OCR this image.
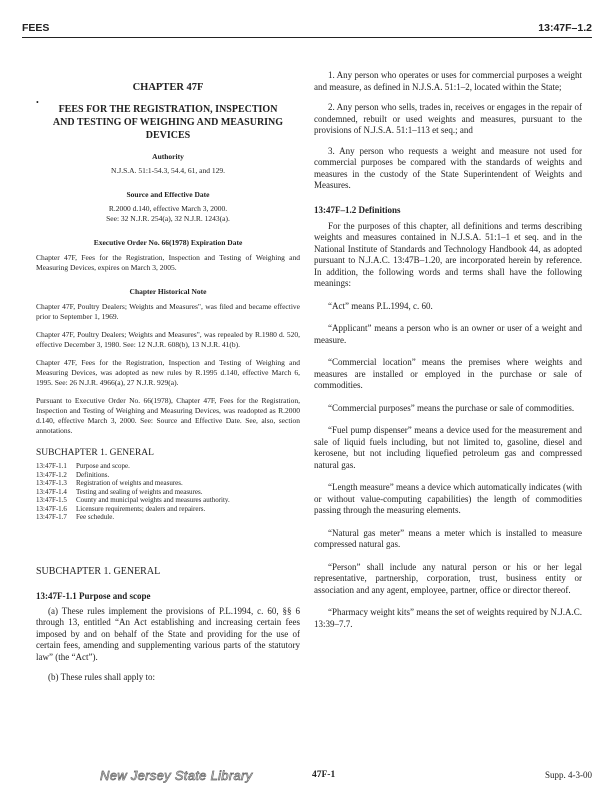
FEES	13:47F–1.2
•
CHAPTER 47F
FEES FOR THE REGISTRATION, INSPECTION AND TESTING OF WEIGHING AND MEASURING DEVICES
Authority
N.J.S.A. 51:1-54.3, 54.4, 61, and 129.
Source and Effective Date
R.2000 d.140, effective March 3, 2000.
See: 32 N.J.R. 254(a), 32 N.J.R. 1243(a).
Executive Order No. 66(1978) Expiration Date
Chapter 47F, Fees for the Registration, Inspection and Testing of Weighing and Measuring Devices, expires on March 3, 2005.
Chapter Historical Note
Chapter 47F, Poultry Dealers; Weights and Measures", was filed and became effective prior to September 1, 1969.
Chapter 47F, Poultry Dealers; Weights and Measures", was repealed by R.1980 d. 520, effective December 3, 1980. See: 12 N.J.R. 608(b), 13 N.J.R. 41(b).
Chapter 47F, Fees for the Registration, Inspection and Testing of Weighing and Measuring Devices, was adopted as new rules by R.1995 d.140, effective March 6, 1995. See: 26 N.J.R. 4966(a), 27 N.J.R. 929(a).
Pursuant to Executive Order No. 66(1978), Chapter 47F, Fees for the Registration, Inspection and Testing of Weighing and Measuring Devices, was readopted as R.2000 d.140, effective March 3, 2000. See: Source and Effective Date. See, also, section annotations.
SUBCHAPTER 1. GENERAL
13:47F-1.1	Purpose and scope.
13:47F-1.2	Definitions.
13:47F-1.3	Registration of weights and measures.
13:47F-1.4	Testing and sealing of weights and measures.
13:47F-1.5	County and municipal weights and measures authority.
13:47F-1.6	Licensure requirements; dealers and repairers.
13:47F-1.7	Fee schedule.
SUBCHAPTER 1. GENERAL
13:47F-1.1 Purpose and scope
(a) These rules implement the provisions of P.L.1994, c. 60, §§ 6 through 13, entitled “An Act establishing and increasing certain fees imposed by and on behalf of the State and providing for the use of certain fees, amending and supplementing various parts of the statutory law” (the “Act”).
(b) These rules shall apply to:
1. Any person who operates or uses for commercial purposes a weight and measure, as defined in N.J.S.A. 51:1–2, located within the State;
2. Any person who sells, trades in, receives or engages in the repair of condemned, rebuilt or used weights and measures, pursuant to the provisions of N.J.S.A. 51:1–113 et seq.; and
3. Any person who requests a weight and measure not used for commercial purposes be compared with the standards of weights and measures in the custody of the State Superintendent of Weights and Measures.
13:47F–1.2 Definitions
For the purposes of this chapter, all definitions and terms describing weights and measures contained in N.J.S.A. 51:1–1 et seq. and in the National Institute of Standards and Technology Handbook 44, as adopted pursuant to N.J.A.C. 13:47B–1.20, are incorporated herein by reference. In addition, the following words and terms shall have the following meanings:
“Act” means P.L.1994, c. 60.
“Applicant” means a person who is an owner or user of a weight and measure.
“Commercial location” means the premises where weights and measures are installed or employed in the purchase or sale of commodities.
“Commercial purposes” means the purchase or sale of commodities.
“Fuel pump dispenser” means a device used for the measurement and sale of liquid fuels including, but not limited to, gasoline, diesel and kerosene, but not including liquefied petroleum gas and compressed natural gas.
“Length measure” means a device which automatically indicates (with or without value-computing capabilities) the length of commodities passing through the measuring elements.
“Natural gas meter” means a meter which is installed to measure compressed natural gas.
“Person” shall include any natural person or his or her legal representative, partnership, corporation, trust, business entity or association and any agent, employee, partner, office or director thereof.
“Pharmacy weight kits” means the set of weights required by N.J.A.C. 13:39–7.7.
New Jersey State Library	47F-1	Supp. 4-3-00
